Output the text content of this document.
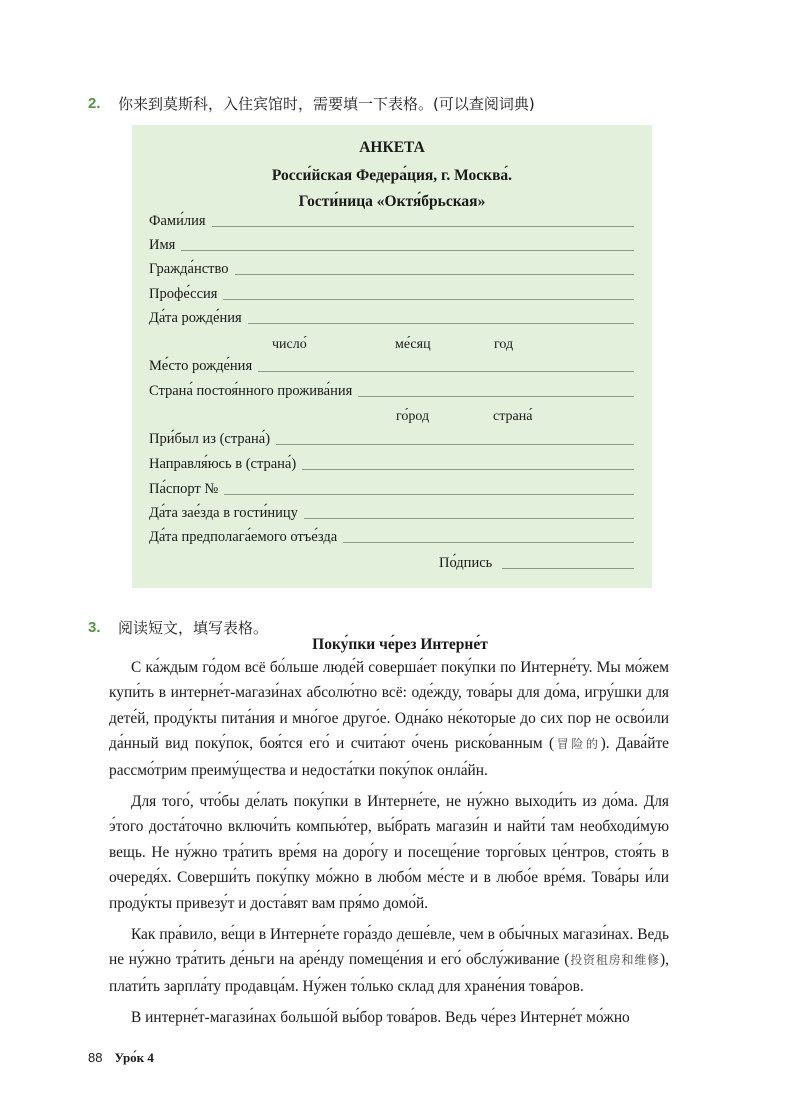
2.	你来到莫斯科，入住宾馆时，需要填一下表格。(可以查阅词典)
АНКЕТА
Росси́йская Федера́ция, г. Москва́.
Гости́ница «Октя́брьская»
Фами́лия
Имя
Гражда́нство
Профе́ссия
Да́та рожде́ния
число́	ме́сяц	год
Ме́сто рожде́ния
Страна́ постоя́нного прожива́ния
го́род	страна́
При́был из (страна́)
Направля́юсь в (страна́)
Па́спорт №
Да́та зае́зда в гости́ницу
Да́та предполага́емого отъе́зда
По́дпись
3.	阅读短文，填写表格。
Поку́пки че́рез Интерне́т

С ка́ждым го́дом всё бо́льше люде́й соверша́ет поку́пки по Интерне́ту. Мы мо́жем купи́ть в интерне́т-магази́нах абсолю́тно всё: оде́жду, това́ры для до́ма, игру́шки для дете́й, проду́кты пита́ния и мно́гое друго́е. Одна́ко не́которые до сих пор не осво́или да́нный вид поку́пок, боя́тся его́ и счита́ют о́чень риско́ванным (冒险的). Дава́йте рассмо́трим преиму́щества и недоста́тки поку́пок онла́йн.

Для того́, что́бы де́лать поку́пки в Интерне́те, не ну́жно выходи́ть из до́ма. Для э́того доста́точно включи́ть компью́тер, вы́брать магази́н и найти́ там необходи́мую вещь. Не ну́жно тра́тить вре́мя на доро́гу и посеще́ние торго́вых це́нтров, стоя́ть в очередя́х. Соверши́ть поку́пку мо́жно в любо́м ме́сте и в любо́е вре́мя. Това́ры и́ли проду́кты привезу́т и доста́вят вам пря́мо домо́й.

Как пра́вило, ве́щи в Интерне́те гора́здо деше́вле, чем в обы́чных магази́нах. Ведь не ну́жно тра́тить де́ньги на аре́нду помеще́ния и его́ обслу́живание (投资租房和维修), плати́ть зарпла́ту продавца́м. Ну́жен то́лько склад для хране́ния това́ров.

В интерне́т-магази́нах большо́й вы́бор това́ров. Ведь че́рез Интерне́т мо́жно

88 Уро́к 4
